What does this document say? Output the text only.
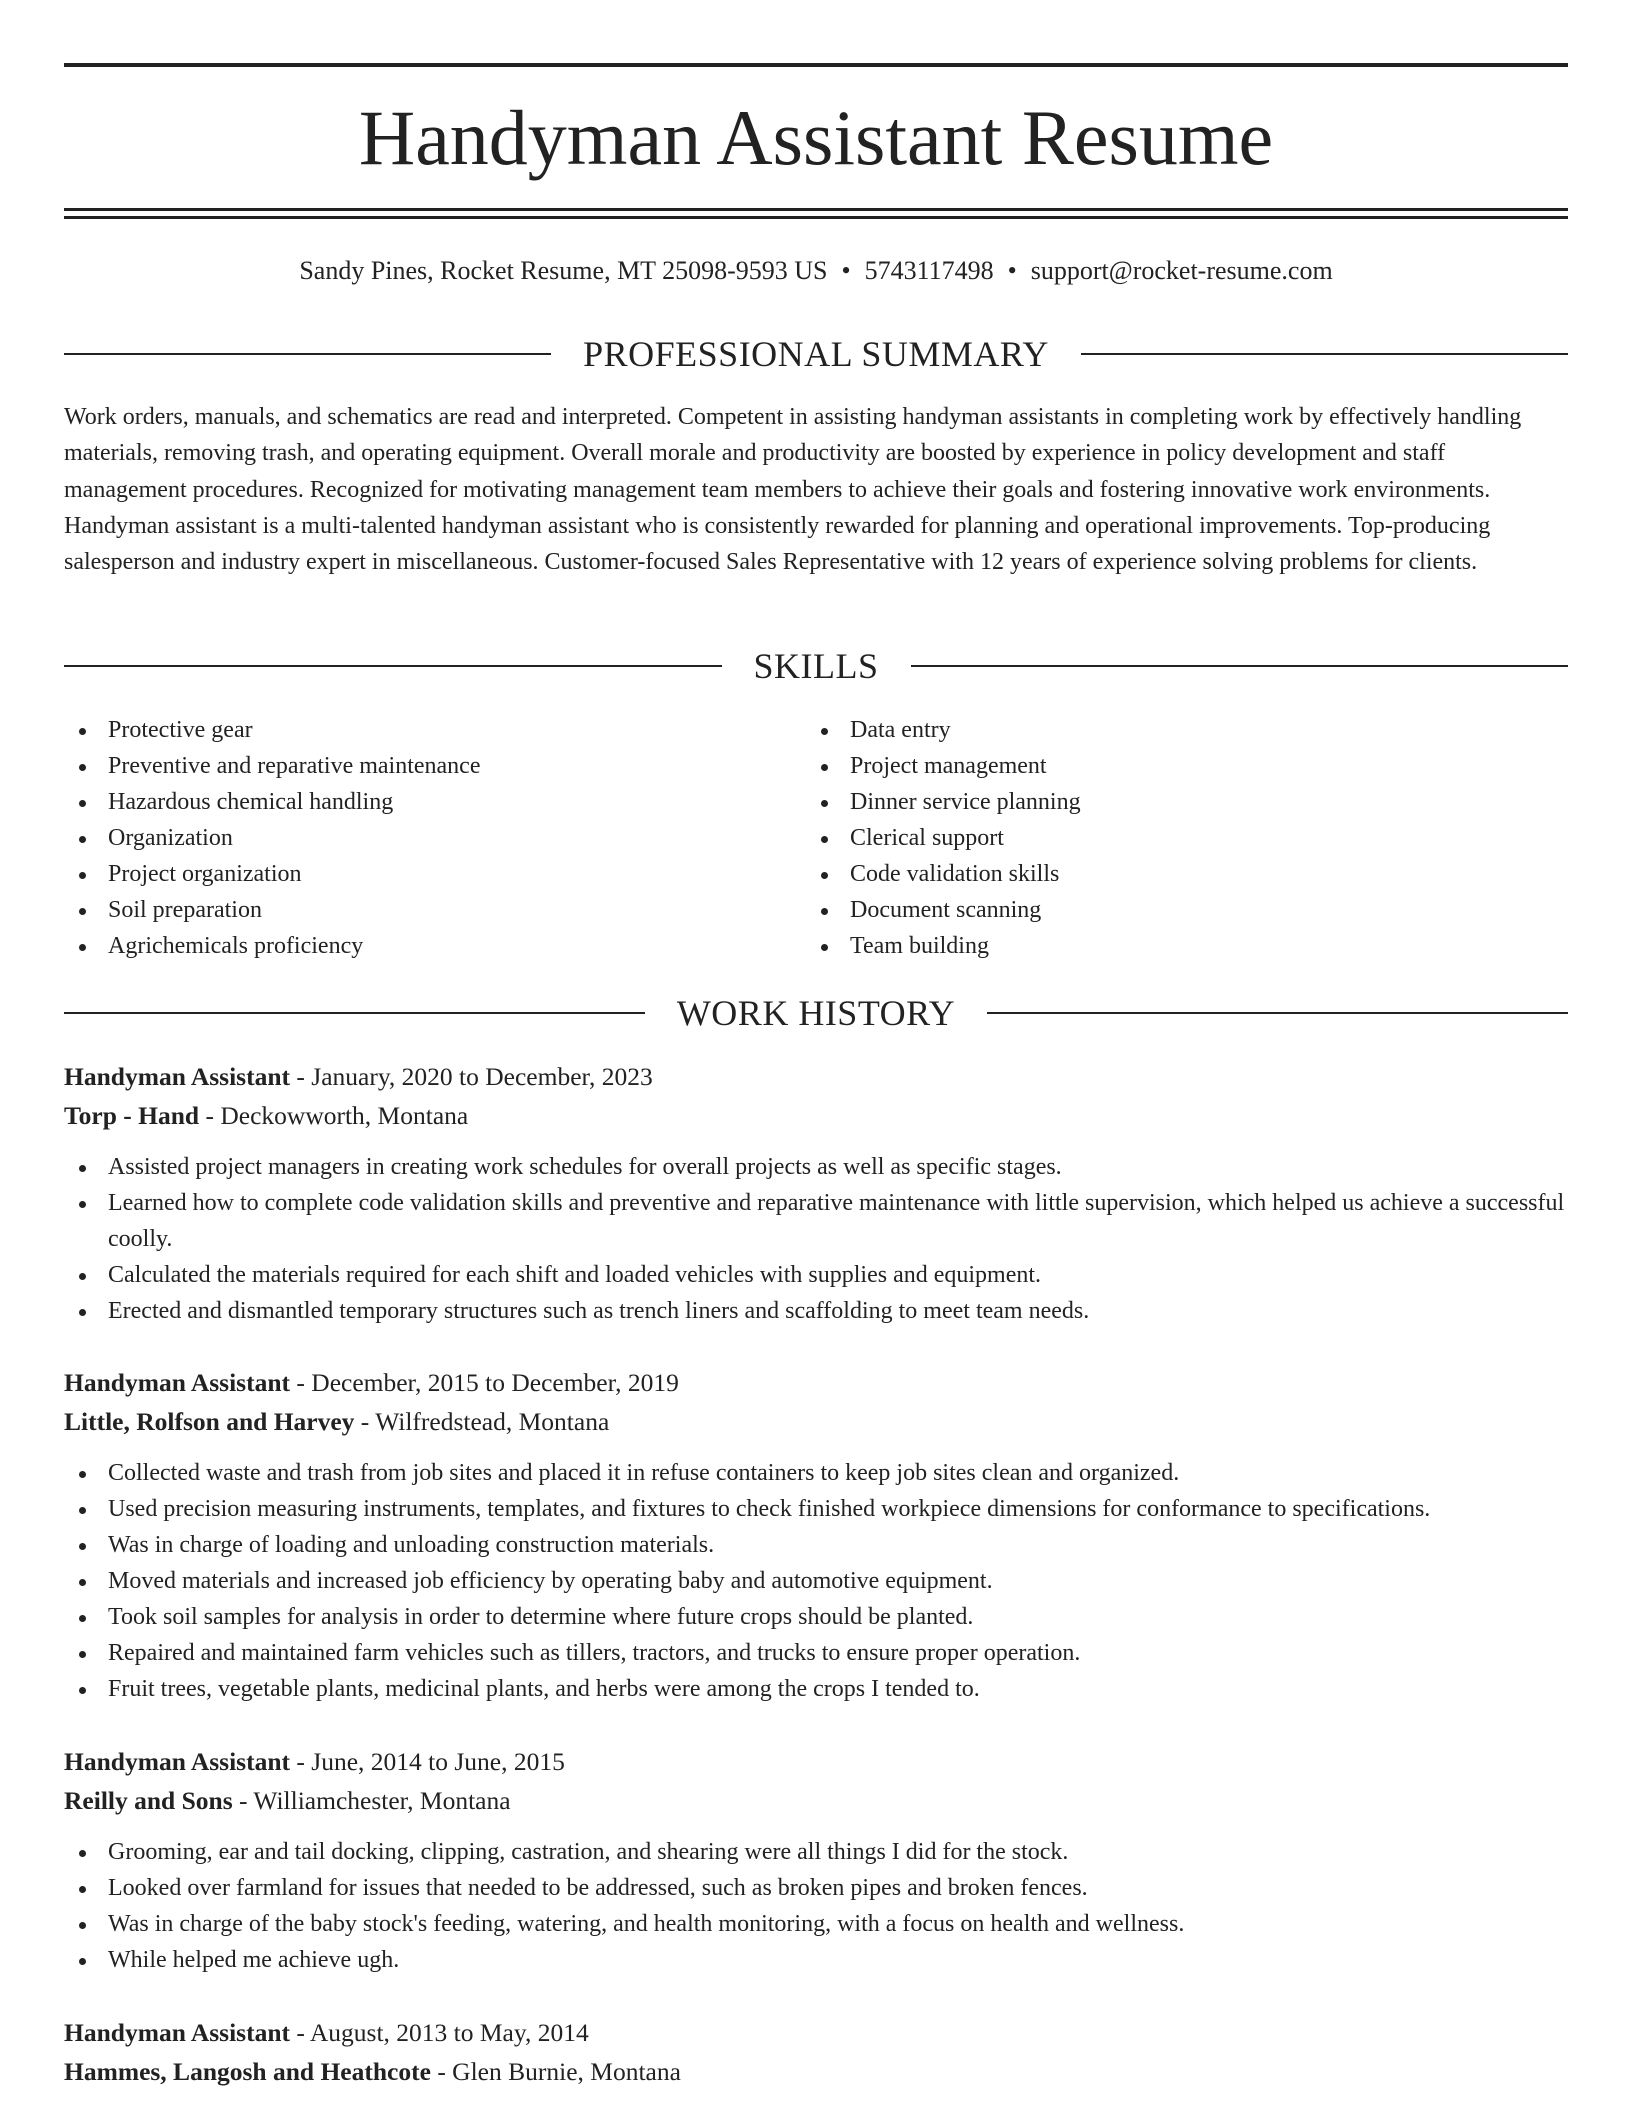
Handyman Assistant Resume
Sandy Pines, Rocket Resume, MT 25098-9593 US • 5743117498 • support@rocket-resume.com
PROFESSIONAL SUMMARY

Work orders, manuals, and schematics are read and interpreted. Competent in assisting handyman assistants in completing work by effectively handling materials, removing trash, and operating equipment. Overall morale and productivity are boosted by experience in policy development and staff management procedures. Recognized for motivating management team members to achieve their goals and fostering innovative work environments. Handyman assistant is a multi-talented handyman assistant who is consistently rewarded for planning and operational improvements. Top-producing salesperson and industry expert in miscellaneous. Customer-focused Sales Representative with 12 years of experience solving problems for clients.

SKILLS
Protective gear
Preventive and reparative maintenance
Hazardous chemical handling
Organization
Project organization
Soil preparation
Agrichemicals proficiency
Data entry
Project management
Dinner service planning
Clerical support
Code validation skills
Document scanning
Team building
WORK HISTORY
Handyman Assistant - January, 2020 to December, 2023
Torp - Hand - Deckowworth, Montana
Assisted project managers in creating work schedules for overall projects as well as specific stages.
Learned how to complete code validation skills and preventive and reparative maintenance with little supervision, which helped us achieve a successful coolly.
Calculated the materials required for each shift and loaded vehicles with supplies and equipment.
Erected and dismantled temporary structures such as trench liners and scaffolding to meet team needs.
Handyman Assistant - December, 2015 to December, 2019
Little, Rolfson and Harvey - Wilfredstead, Montana
Collected waste and trash from job sites and placed it in refuse containers to keep job sites clean and organized.
Used precision measuring instruments, templates, and fixtures to check finished workpiece dimensions for conformance to specifications.
Was in charge of loading and unloading construction materials.
Moved materials and increased job efficiency by operating baby and automotive equipment.
Took soil samples for analysis in order to determine where future crops should be planted.
Repaired and maintained farm vehicles such as tillers, tractors, and trucks to ensure proper operation.
Fruit trees, vegetable plants, medicinal plants, and herbs were among the crops I tended to.
Handyman Assistant - June, 2014 to June, 2015
Reilly and Sons - Williamchester, Montana
Grooming, ear and tail docking, clipping, castration, and shearing were all things I did for the stock.
Looked over farmland for issues that needed to be addressed, such as broken pipes and broken fences.
Was in charge of the baby stock's feeding, watering, and health monitoring, with a focus on health and wellness.
While helped me achieve ugh.
Handyman Assistant - August, 2013 to May, 2014
Hammes, Langosh and Heathcote - Glen Burnie, Montana
